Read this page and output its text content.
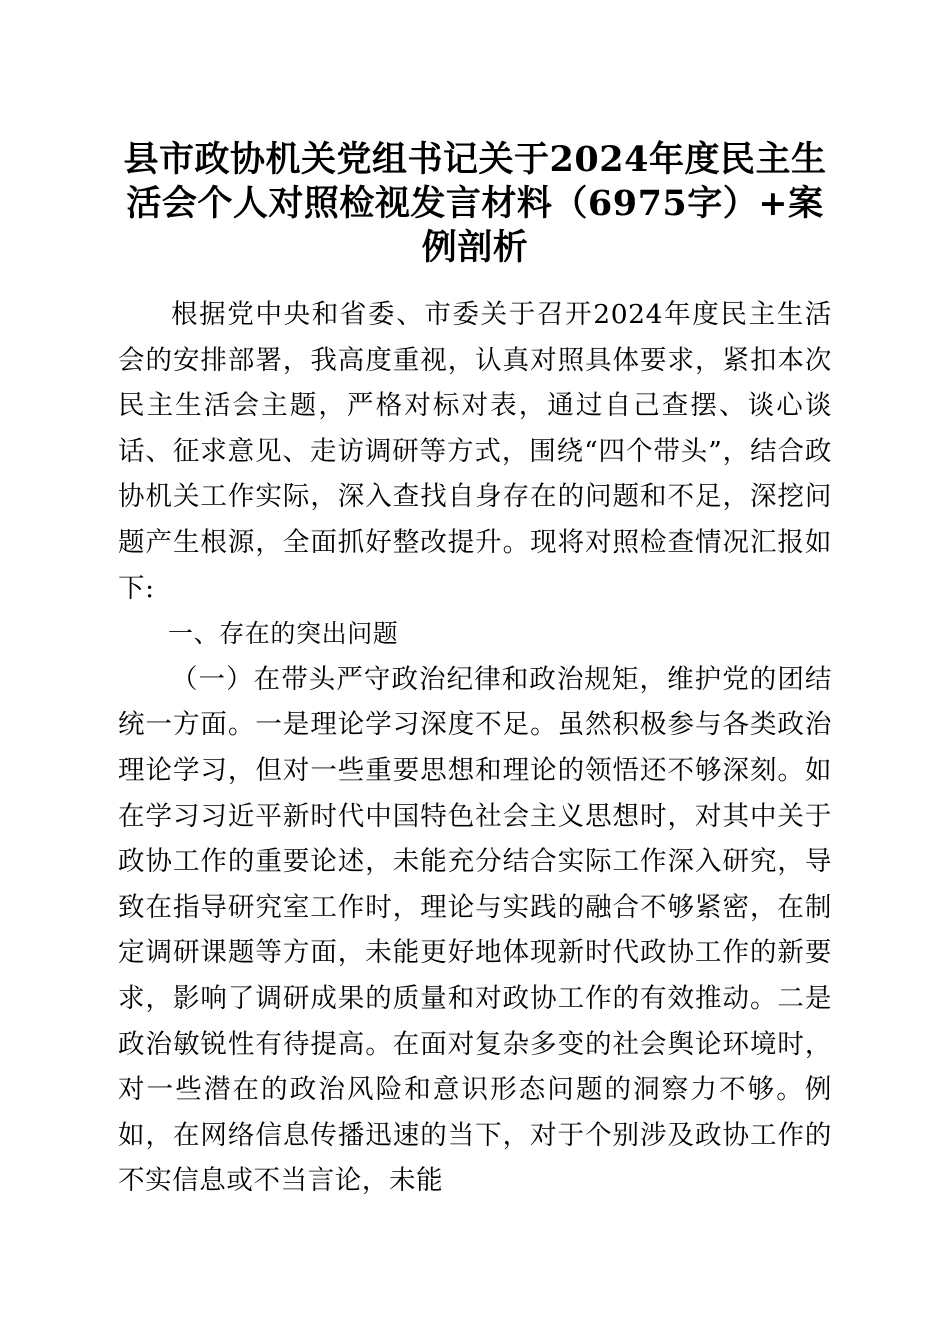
县市政协机关党组书记关于2024年度民主生活会个人对照检视发言材料（6975字）+案例剖析

根据党中央和省委、市委关于召开2024年度民主生活会的安排部署，我高度重视，认真对照具体要求，紧扣本次民主生活会主题，严格对标对表，通过自己查摆、谈心谈话、征求意见、走访调研等方式，围绕“四个带头”，结合政协机关工作实际，深入查找自身存在的问题和不足，深挖问题产生根源，全面抓好整改提升。现将对照检查情况汇报如下:

一、存在的突出问题

（一）在带头严守政治纪律和政治规矩，维护党的团结统一方面。一是理论学习深度不足。虽然积极参与各类政治理论学习，但对一些重要思想和理论的领悟还不够深刻。如在学习习近平新时代中国特色社会主义思想时，对其中关于政协工作的重要论述，未能充分结合实际工作深入研究，导致在指导研究室工作时，理论与实践的融合不够紧密，在制定调研课题等方面，未能更好地体现新时代政协工作的新要求，影响了调研成果的质量和对政协工作的有效推动。二是政治敏锐性有待提高。在面对复杂多变的社会舆论环境时，对一些潜在的政治风险和意识形态问题的洞察力不够。例如，在网络信息传播迅速的当下，对于个别涉及政协工作的不实信息或不当言论，未能
